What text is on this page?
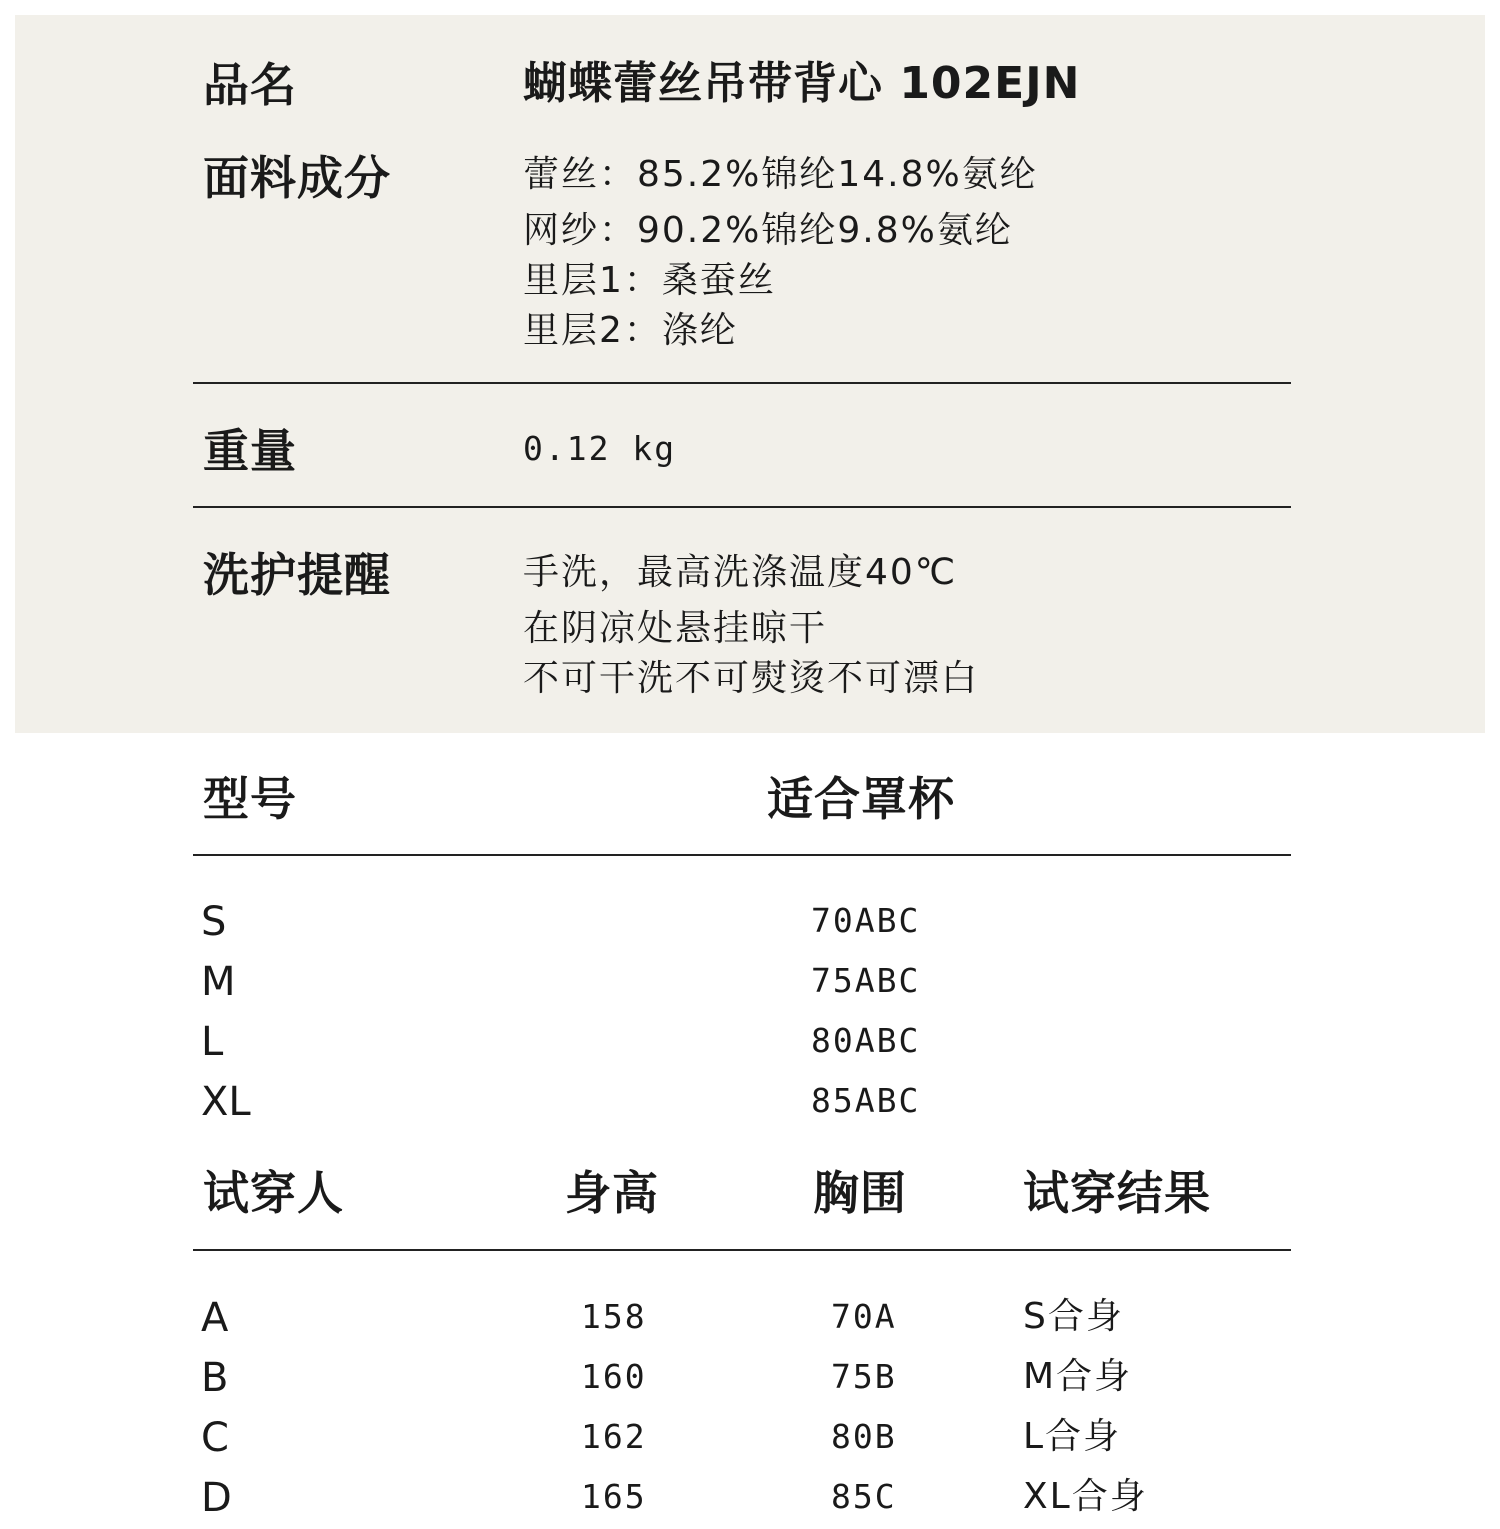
品名	蝴蝶蕾丝吊带背心 102EJN
面料成分	蕾丝：85.2%锦纶14.8%氨纶
网纱：90.2%锦纶9.8%氨纶
里层1：桑蚕丝
里层2：涤纶
重量	0.12 kg
洗护提醒	手洗，最高洗涤温度40℃
在阴凉处悬挂晾干
不可干洗不可熨烫不可漂白
型号	适合罩杯
S	70ABC
M	75ABC
L	80ABC
XL	85ABC
试穿人	身高	胸围	试穿结果
A	158	70A	S合身
B	160	75B	M合身
C	162	80B	L合身
D	165	85C	XL合身
